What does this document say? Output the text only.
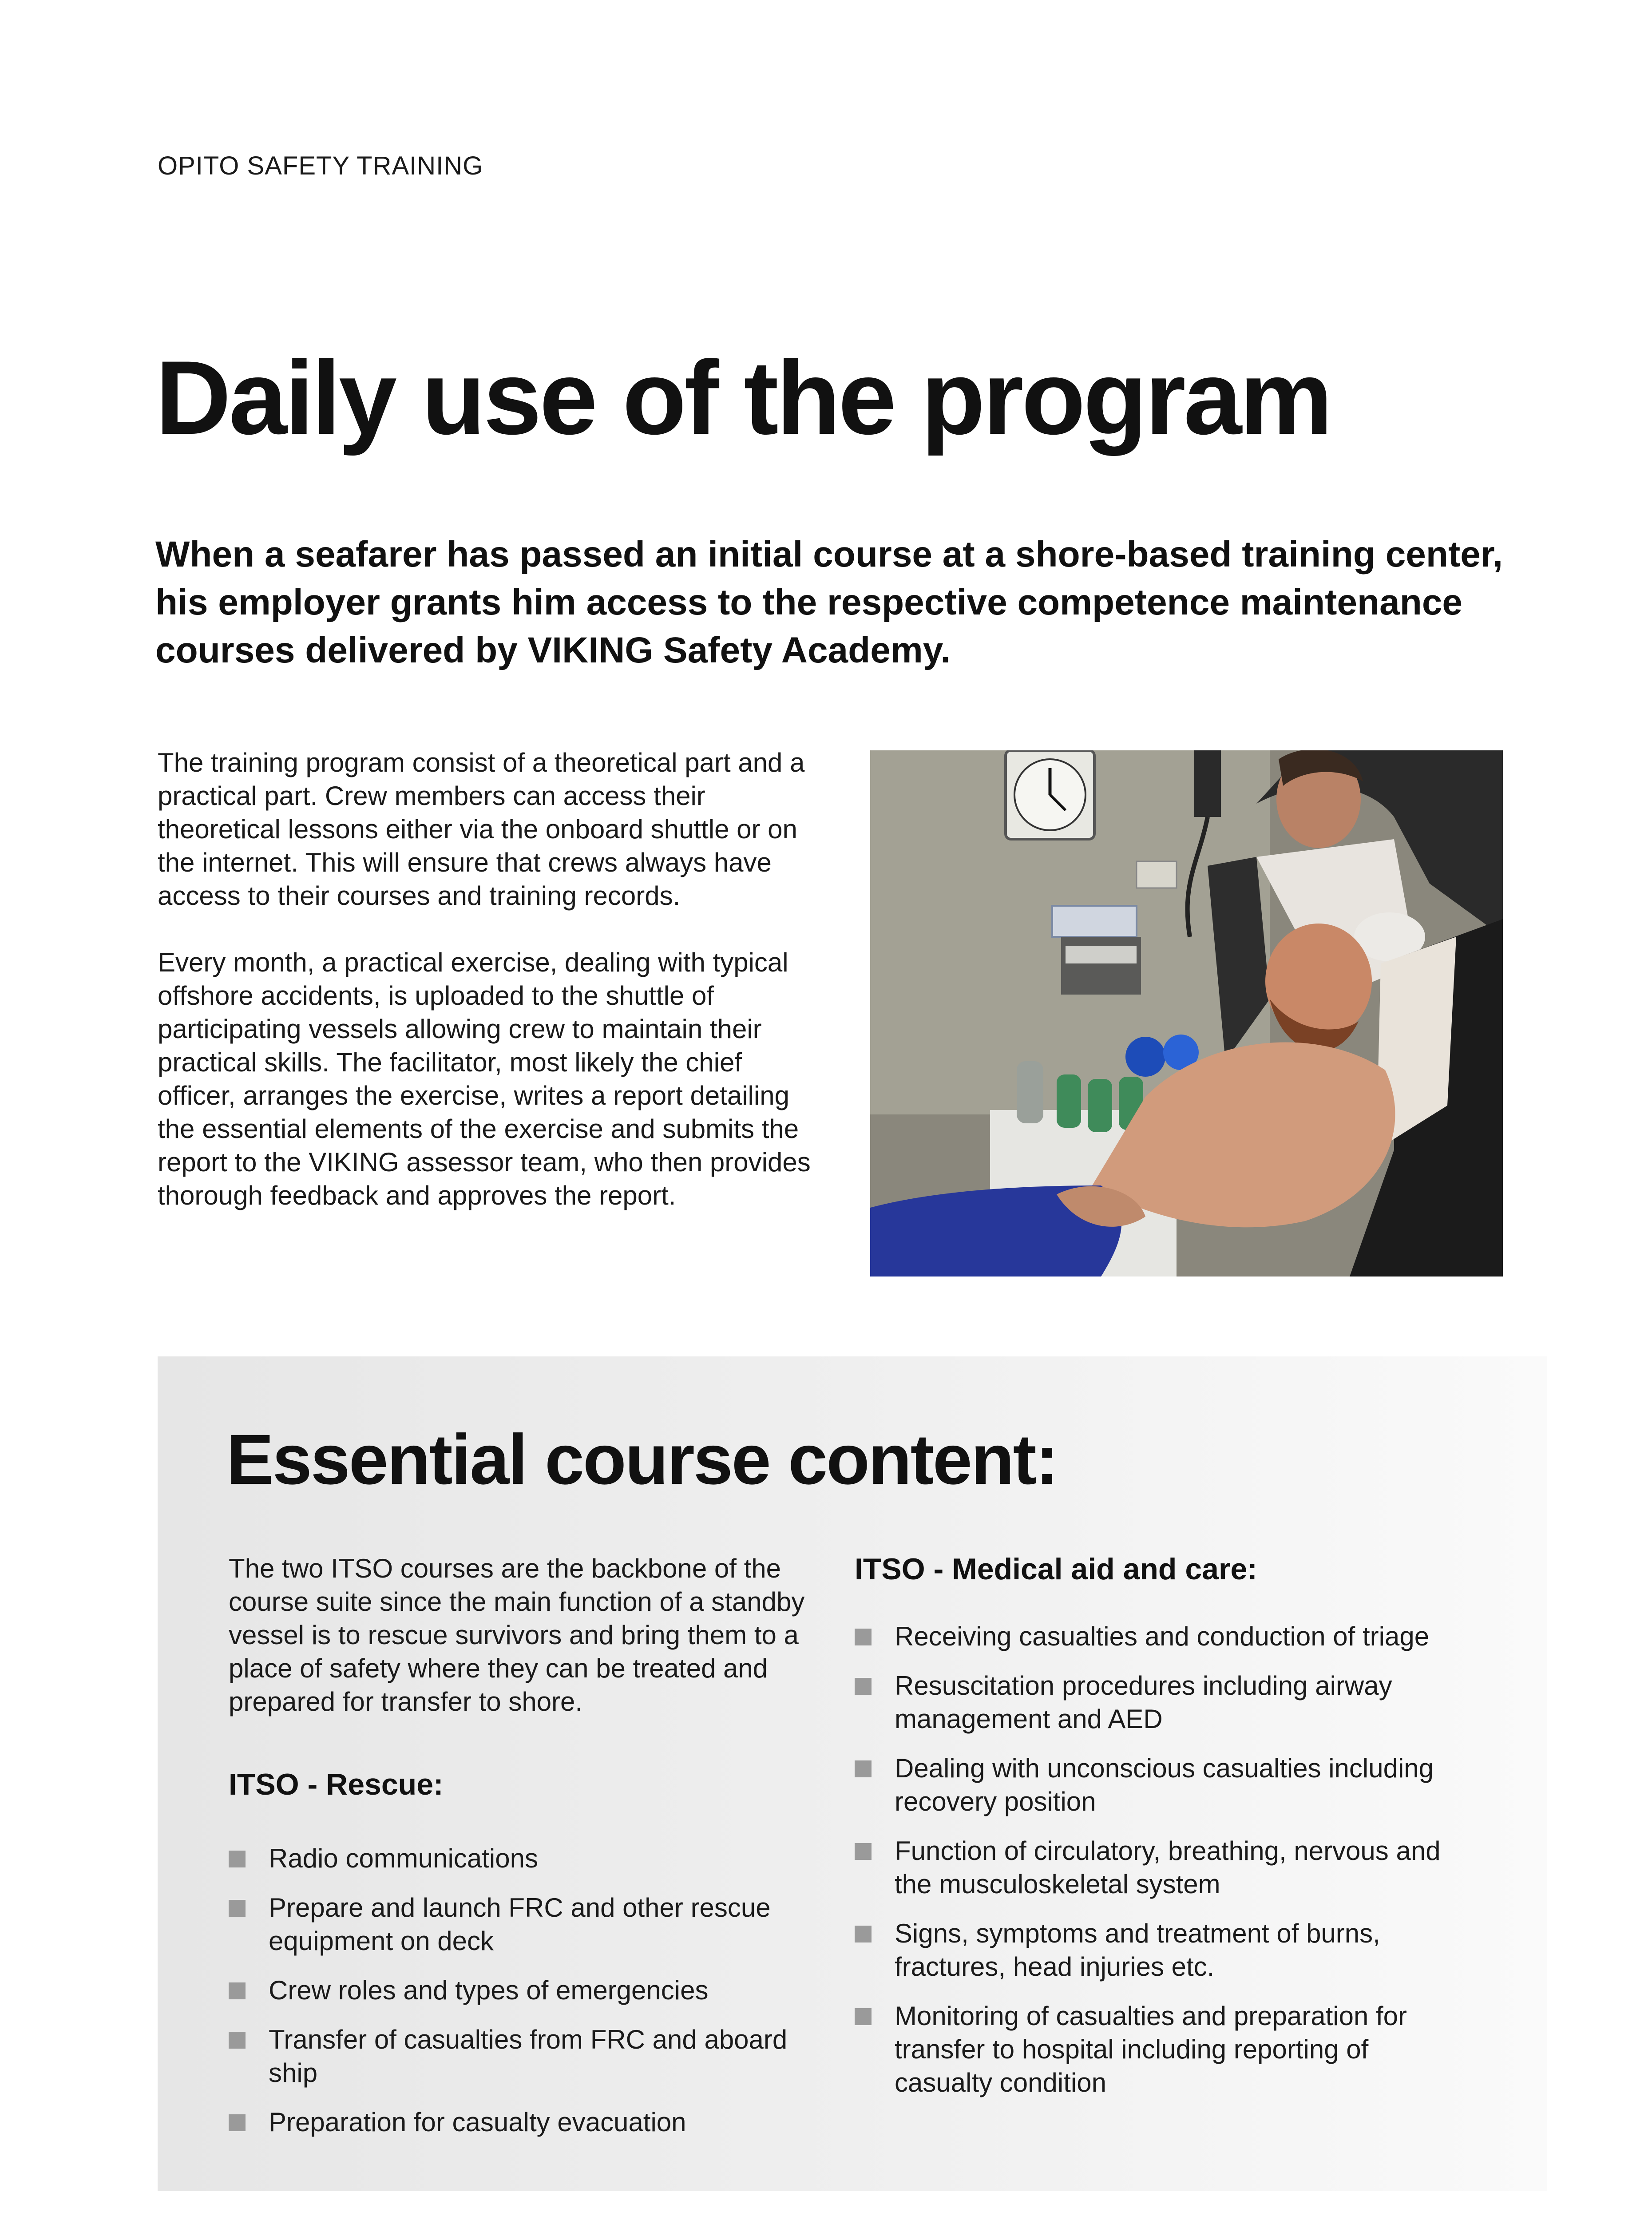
OPITO SAFETY TRAINING
Daily use of the program

When a seafarer has passed an initial course at a shore-based training center, his employer grants him access to the respective competence maintenance courses delivered by VIKING Safety Academy.

The training program consist of a theoretical part and a practical part. Crew members can access their theoretical lessons either via the onboard shuttle or on the internet. This will ensure that crews always have access to their courses and training records.

Every month, a practical exercise, dealing with typical offshore accidents, is uploaded to the shuttle of participating vessels allowing crew to maintain their practical skills. The facilitator, most likely the chief officer, arranges the exercise, writes a report detailing the essential elements of the exercise and submits the report to the VIKING assessor team, who then provides thorough feedback and approves the report.

Essential course content:

The two ITSO courses are the backbone of the course suite since the main function of a standby vessel is to rescue survivors and bring them to a place of safety where they can be treated and prepared for transfer to shore.

ITSO - Rescue:
Radio communications
Prepare and launch FRC and other rescue equipment on deck
Crew roles and types of emergencies
Transfer of casualties from FRC and aboard ship
Preparation for casualty evacuation
ITSO - Medical aid and care:
Receiving casualties and conduction of triage
Resuscitation procedures including airway management and AED
Dealing with unconscious casualties including recovery position
Function of circulatory, breathing, nervous and the musculoskeletal system
Signs, symptoms and treatment of burns, fractures, head injuries etc.
Monitoring of casualties and preparation for transfer to hospital including reporting of casualty condition
